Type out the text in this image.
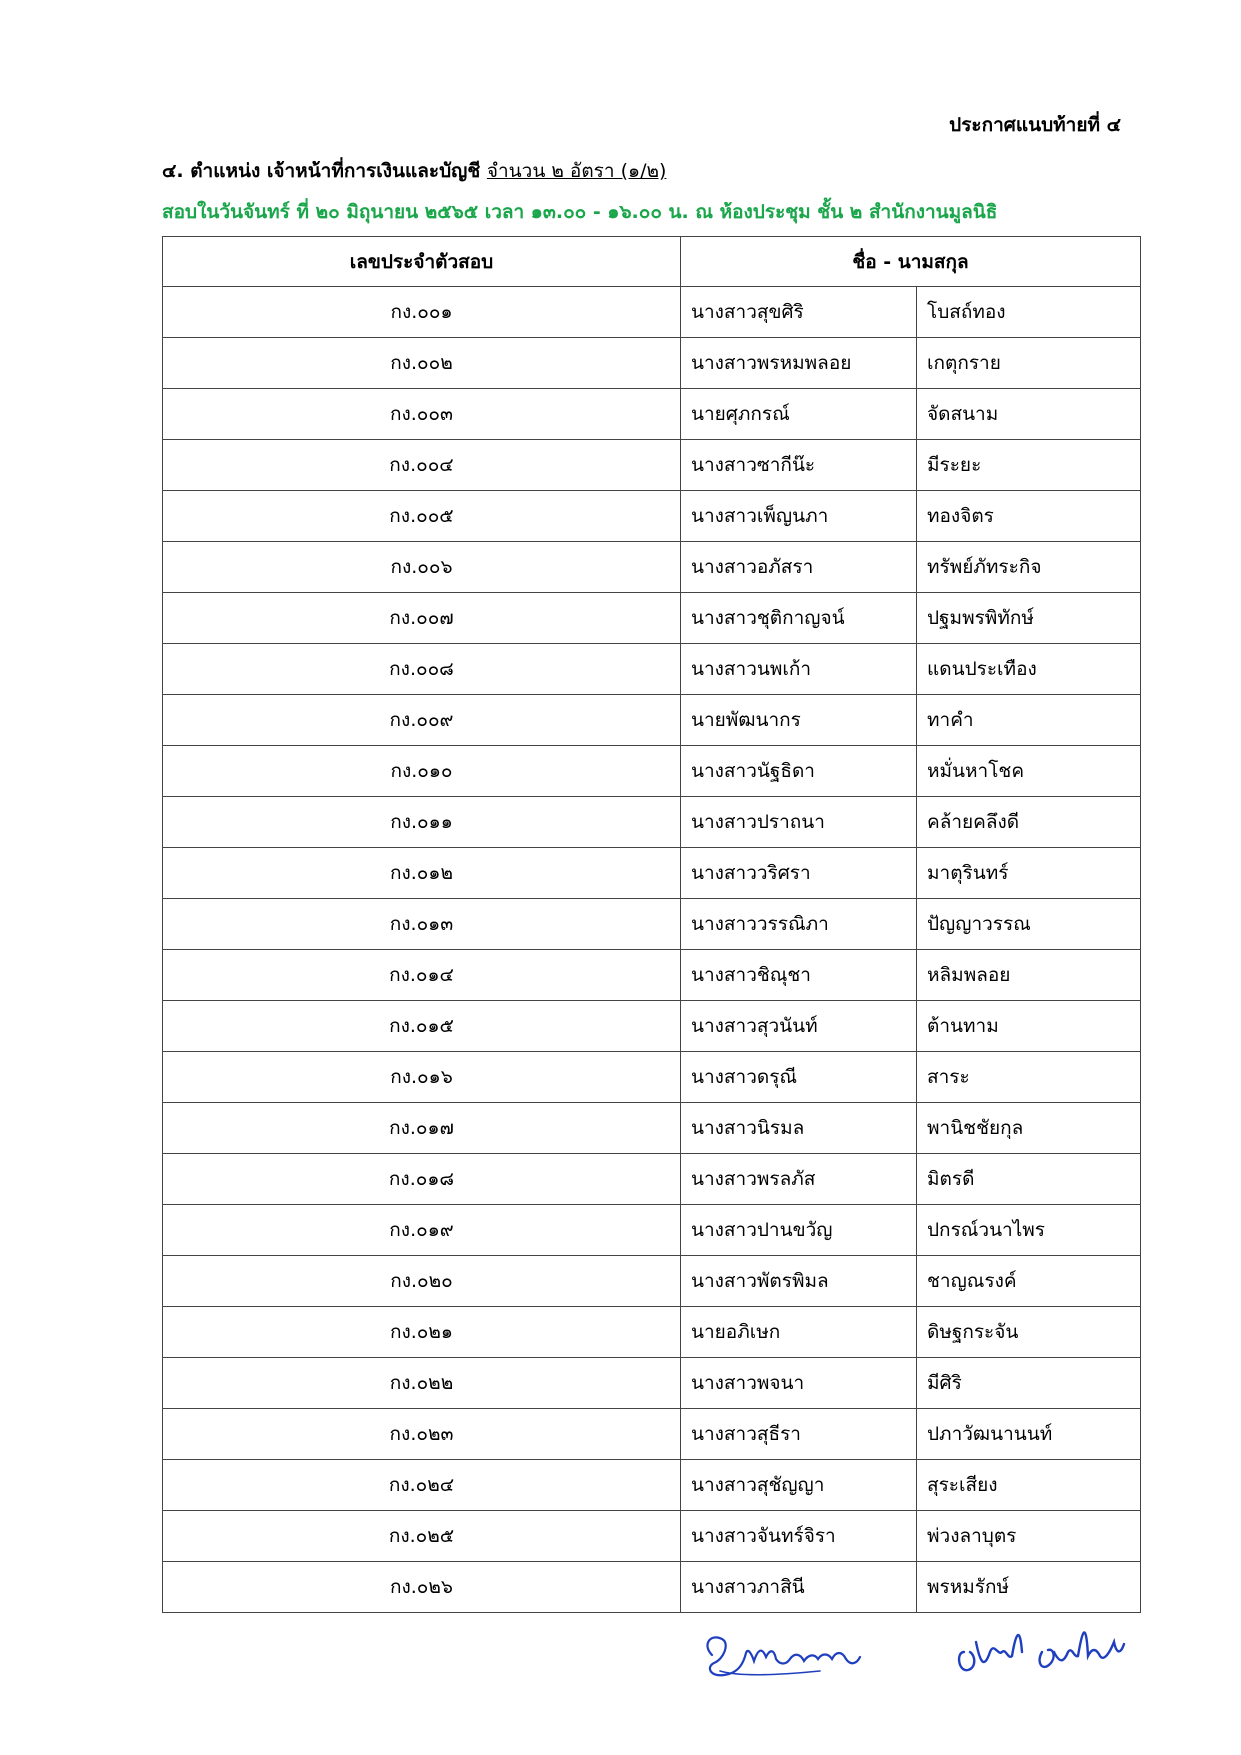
ประกาศแนบท้ายที่ ๔
๔. ตำแหน่ง เจ้าหน้าที่การเงินและบัญชี จำนวน ๒ อัตรา (๑/๒)
สอบในวันจันทร์ ที่ ๒๐ มิถุนายน ๒๕๖๕ เวลา ๑๓.๐๐ - ๑๖.๐๐ น. ณ ห้องประชุม ชั้น ๒ สำนักงานมูลนิธิ
เลขประจำตัวสอบ	ชื่อ - นามสกุล	
กง.๐๐๑	นางสาวสุขศิริ	โบสถ์ทอง
กง.๐๐๒	นางสาวพรหมพลอย	เกตุกราย
กง.๐๐๓	นายศุภกรณ์	จัดสนาม
กง.๐๐๔	นางสาวซากีน๊ะ	มีระยะ
กง.๐๐๕	นางสาวเพ็ญนภา	ทองจิตร
กง.๐๐๖	นางสาวอภัสรา	ทรัพย์ภัทระกิจ
กง.๐๐๗	นางสาวชุติกาญจน์	ปฐมพรพิทักษ์
กง.๐๐๘	นางสาวนพเก้า	แดนประเทือง
กง.๐๐๙	นายพัฒนากร	ทาคำ
กง.๐๑๐	นางสาวนัฐธิดา	หมั่นหาโชค
กง.๐๑๑	นางสาวปราถนา	คล้ายคลึงดี
กง.๐๑๒	นางสาววริศรา	มาตุรินทร์
กง.๐๑๓	นางสาววรรณิภา	ปัญญาวรรณ
กง.๐๑๔	นางสาวชิณุชา	หลิมพลอย
กง.๐๑๕	นางสาวสุวนันท์	ต้านทาม
กง.๐๑๖	นางสาวดรุณี	สาระ
กง.๐๑๗	นางสาวนิรมล	พานิชชัยกุล
กง.๐๑๘	นางสาวพรลภัส	มิตรดี
กง.๐๑๙	นางสาวปานขวัญ	ปกรณ์วนาไพร
กง.๐๒๐	นางสาวพัตรพิมล	ชาญณรงค์
กง.๐๒๑	นายอภิเษก	ดิษฐกระจัน
กง.๐๒๒	นางสาวพจนา	มีศิริ
กง.๐๒๓	นางสาวสุธีรา	ปภาวัฒนานนท์
กง.๐๒๔	นางสาวสุชัญญา	สุระเสียง
กง.๐๒๕	นางสาวจันทร์จิรา	พ่วงลาบุตร
กง.๐๒๖	นางสาวภาสินี	พรหมรักษ์
